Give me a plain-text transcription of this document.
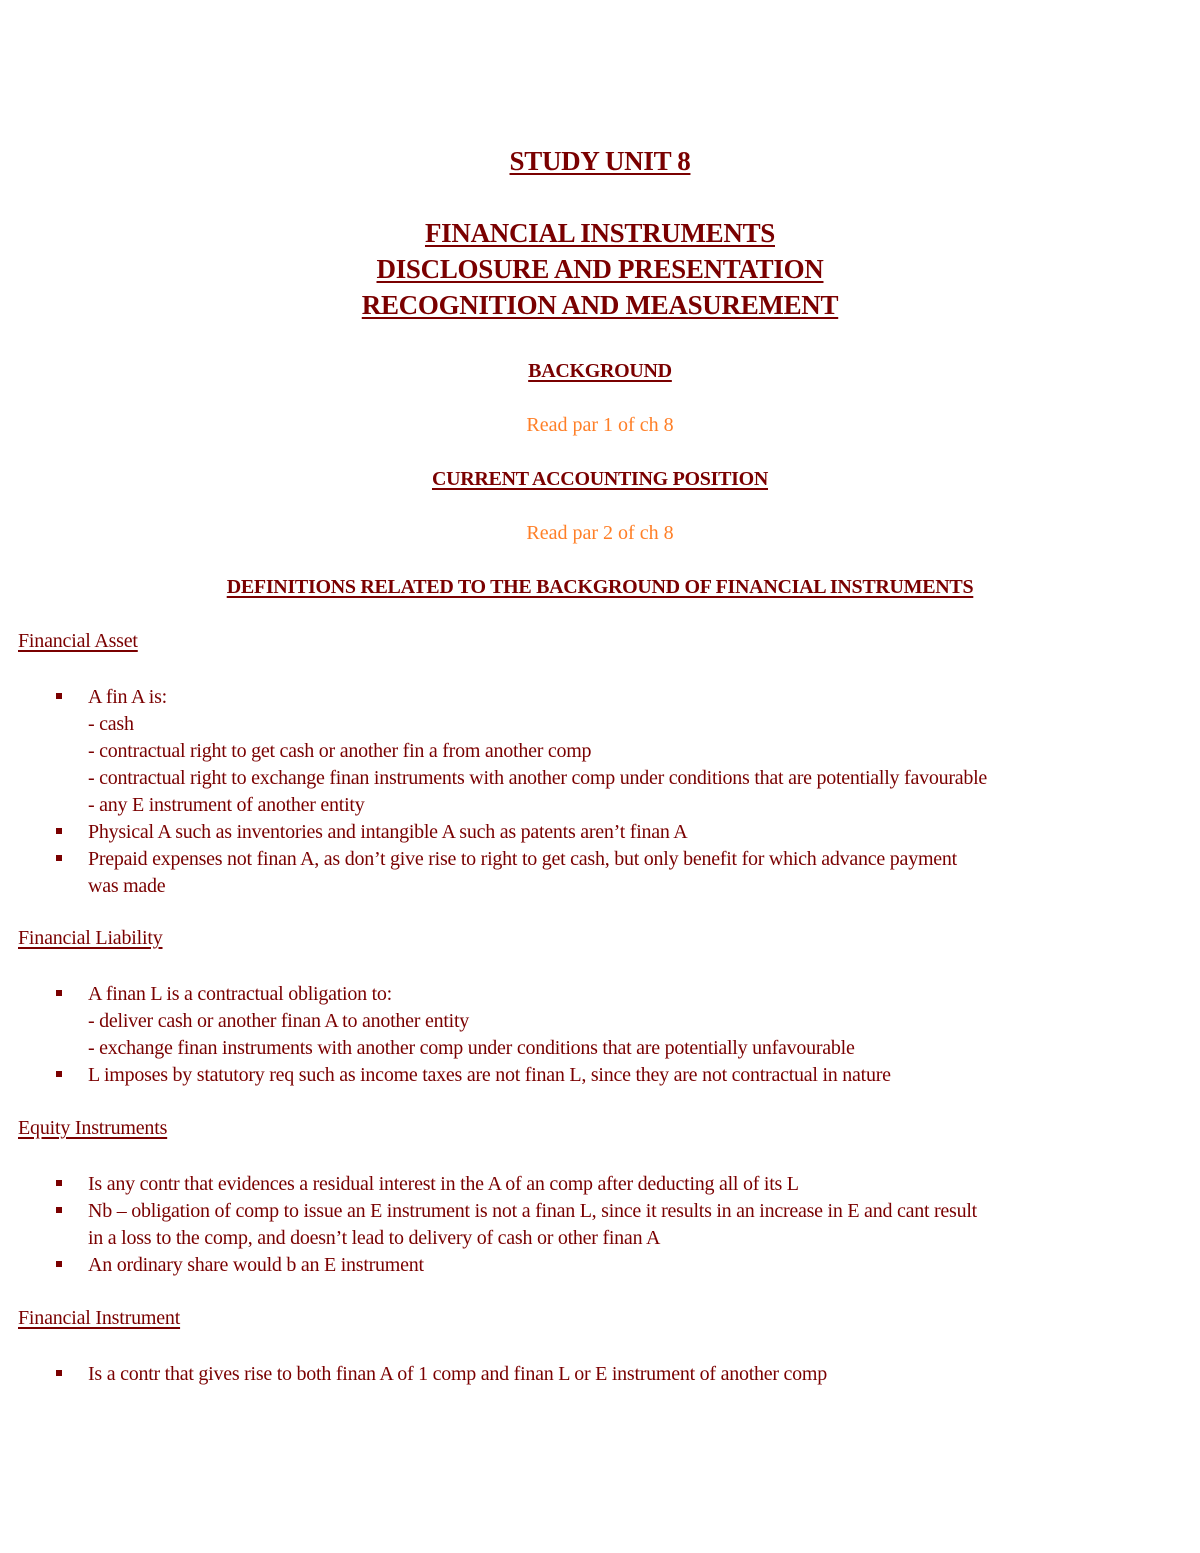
STUDY UNIT 8
FINANCIAL INSTRUMENTS
DISCLOSURE AND PRESENTATION
RECOGNITION AND MEASUREMENT
BACKGROUND
Read par 1 of ch 8
CURRENT ACCOUNTING POSITION
Read par 2 of ch 8
DEFINITIONS RELATED TO THE BACKGROUND OF FINANCIAL INSTRUMENTS
Financial Asset
A fin A is:
- cash
- contractual right to get cash or another fin a from another comp
- contractual right to exchange finan instruments with another comp under conditions that are potentially favourable
- any E instrument of another entity
Physical A such as inventories and intangible A such as patents aren’t finan A
Prepaid expenses not finan A, as don’t give rise to right to get cash, but only benefit for which advance payment
was made
Financial Liability
A finan L is a contractual obligation to:
- deliver cash or another finan A to another entity
- exchange finan instruments with another comp under conditions that are potentially unfavourable
L imposes by statutory req such as income taxes are not finan L, since they are not contractual in nature
Equity Instruments
Is any contr that evidences a residual interest in the A of an comp after deducting all of its L
Nb – obligation of comp to issue an E instrument is not a finan L, since it results in an increase in E and cant result
in a loss to the comp, and doesn’t lead to delivery of cash or other finan A
An ordinary share would b an E instrument
Financial Instrument
Is a contr that gives rise to both finan A of 1 comp and finan L or E instrument of another comp
